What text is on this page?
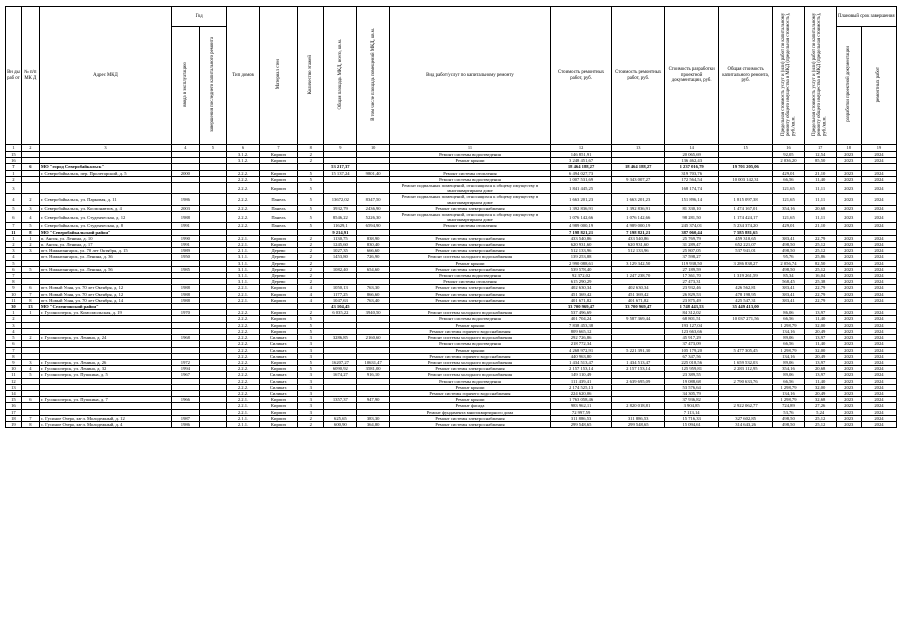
Вн ды раб от	№ п/п МК Д	Адрес МКД	Год		Тип домов	Материал стен	Количество этажей	Общая площадь МКД, всего, кв.м.	В том числе площадь помещений МКД, кв.м.	Вид работ/услуг по капитальному ремонту	Стоимость ремонтных работ, руб.	Стоимость ремонтных работ, руб.	Стоимость разработки проектной документации, руб.	Общая стоимость капитального ремонта, руб.	Предельная стоимость услуг и (или) работ по капитальному ремонту общего имущества в МКД (предельная стоимость), руб./кв.м.	Предельная стоимость услуг и (или) работ по капитальному ремонту общего имущества в МКД (предельная стоимость), руб./кв.м.	Плановый срок завершения	
			ввода в эксплуатацию	завершения последнего капитального ремонта													разработки проектной документации	ремонтных работ
1	2	3	4	5	6	7	8	9	10	11	12	13	14	15	16	17	18	19
15					3.1.2.	Кирпич	2			Ремонт системы водоотведения	146 851,91		20 065,69		92,05	12,54	2023	2024
16					3.1.2.	Кирпич	2			Ремонт крыши	3 248 451,67		136 462,43		2 036,20	85,50	2023	2024
7	6	МО "город Северобайкальск"						53 217,37			18 464 188,27	18 464 188,27	1 237 016,79	19 701 205,06				
1		г. Северобайкальск, пер. Пролетарский, д. 5	2000		2.2.2.	Кирпич	5	15 137,24	9801,40	Ремонт системы отопления	6 494 027,73		319 703,76		429,01	21,10	2023	2024
2					2.2.2.	Кирпич	5			Ремонт системы водоотведения	1 007 531,69	9 343 007,27	172 564,54	10 003 142,31	66,56	11,40	2023	2024
3					2.2.2.	Кирпич	5			Ремонт подвальных помещений, относящихся к общему имуществу в многоквартирном доме	1 841 445,25		168 174,74		121,65	11,11	2023	2024
4	2	г. Северобайкальск, ул. Парковая, д. 11	1986		2.2.2.	Панель	5	13672,02	8347,50	Ремонт подвальных помещений, относящихся к общему имуществу в многоквартирном доме	1 663 201,23	1 663 201,23	151 896,14	1 815 097,38	121,65	11,11	2023	2024
5	3	г. Северобайкальск, ул. Космонавтов, д. 4	2003		2.2.2.	Панель	5	3932,79	2436,90	Ремонт системы электроснабжения	1 392 836,91	1 392 836,91	81 330,10	1 474 167,01	354,16	20,68	2023	2024
6	4	г. Северобайкальск, ул. Студенческая, д. 12	1988		2.2.2.	Панель	5	8546,22	5226,30	Ремонт подвальных помещений, относящихся к общему имуществу в многоквартирном доме	1 076 142,66	1 076 142,66	98 281,50	1 174 424,17	121,65	11,11	2023	2024
7	5	г. Северобайкальск, ул. Студенческая, д. 8	1991		2.2.2.	Панель	5	11629,1	6594,90	Ремонт системы отопления	4 989 000,19	4 989 000,19	245 374,01	5 234 374,20	429,01	21,10	2023	2024
11	8	МО "Северобайкальский район"						9 214,91			7 198 821,21	7 198 821,21	387 060,44	7 585 881,65				
1	1	п. Ангоя, ул. Ленина, д. 10	1990		2.2.1.	Кирпич	2	1130,75	838,90	Ремонт системы электроснабжения	433 540,86	433 540,86	25 769,79	459 310,65	383,41	22,79	2023	2024
2	2	п. Ангоя, ул. Ленина, д. 17	1991		2.2.1.	Кирпич	2	1245,60	830,40	Ремонт системы электроснабжения	620 931,60	620 931,60	31 289,47	652 221,07	498,50	25,12	2023	2024
3	3	пгт. Нижнеангарск, ул. 70 лет Октября, д. 15	1989		2.1.1.	Дерево	2	1027,35	666,60	Ремонт системы электроснабжения	512 133,96	512 133,96	25 807,05	537 941,01	498,50	25,12	2023	2024
4		пгт. Нижнеангарск, ул. Ленина, д. 36	1950		3.1.1.	Дерево	2	1453,80	726,90	Ремонт системы холодного водоснабжения	139 253,88		37 598,27		95,76	25,86	2023	2024
5					3.1.1.	Дерево	2			Ремонт крыши	2 990 088,61	3 129 342,50	119 938,50	3 286 838,27	2 056,74	82,50	2023	2024
6	5	пгт. Нижнеангарск, ул. Ленина, д. 56	1985		3.1.1.	Дерево	2	1082,40	654,60	Ремонт системы электроснабжения	539 578,40		27 189,59		498,50	25,12	2023	2024
7					3.1.1.	Дерево	2			Ремонт системы водоотведения	92 372,02	1 247 238,70	17 361,70	1 319 261,59	85,34	16,04	2023	2024
8					3.1.1.	Дерево	2			Ремонт системы отопления	615 290,29		27 473,31		568,45	25,38	2023	2024
9	6	пгт. Новый Уоян, ул. 70 лет Октября, д. 12	1988		2.2.1.	Кирпич	4	1050,13	763,30	Ремонт системы электроснабжения	402 630,34	402 630,34	23 932,46	426 562,81	383,41	22,79	2023	2024
10	7	пгт. Новый Уоян, ул. 70 лет Октября, д. 12	1988		2.2.1.	Кирпич	4	1177,25	866,60	Ремонт системы электроснабжения	451 369,42	451 369,42	26 829,53	478 198,95	383,41	22,79	2023	2024
11	8	пгт. Новый Уоян, ул. 70 лет Октября, д. 14	1988		2.2.1.	Кирпич	4	1047,63	763,40	Ремонт системы электроснабжения	401 671,82	401 671,82	23 875,49	425 547,31	383,41	22,79	2023	2024
30	13	МО "Селенгинский район"						43 104,45			33 700 969,47	33 700 969,47	1 748 443,53	35 449 413,00				
1	1	г. Гусиноозерск, ул. Комсомольская, д. 19	1970		2.2.2.	Кирпич	2	6 035,22	3940,50	Ремонт системы холодного водоснабжения	537 496,69		84 312,02		86,06	13,97	2023	2024
2					2.2.2.	Кирпич	5			Ремонт системы водоотведения	401 704,24	9 587 369,44	68 801,51	10 037 271,56	66,56	11,40	2023	2024
3					2.2.2.	Кирпич	5			Ремонт крыши	7 838 453,38		193 127,04		1 298,79	32,00	2023	2024
4					2.2.2.	Кирпич	5			Ремонт системы горячего водоснабжения	809 665,12		123 663,66		134,16	20,49	2023	2024
5	2	г. Гусиноозерск, ул. Ленина, д. 24	1968		2.2.2.	Силикат.	3	3286,85	2160,60	Ремонт системы холодного водоснабжения	292 726,86		45 917,29		89,06	13,97	2023	2024
6					2.2.2.	Силикат.	3			Ремонт системы водоотведения	218 772,34		37 473,09		66,56	11,40	2023	2024
7					2.2.2.	Силикат.	3			Ремонт крыши	4 268 972,91	5 221 391,30	105 179,20	5 477 305,45	1 298,79	32,00	2023	2024
8					2.2.2.	Силикат.	3			Ремонт системы горячего водоснабжения	440 963,80		67 347,56		134,16	20,49	2023	2024
9	3	г. Гусиноозерск, ул. Ленина, д. 26	1972		2.2.2.	Кирпич	5	16207,27	10631,47	Ремонт системы холодного водоснабжения	1 434 513,47	1 434 513,47	225 018,56	1 659 532,03	89,06	13,97	2023	2024
10	4	г. Гусиноозерск, ул. Ленина, д. 32	1994		2.2.2.	Кирпич	5	6090,92	3581,00	Ремонт системы электроснабжения	2 157 153,14	2 157 153,14	125 959,81	2 283 112,95	354,16	20,68	2023	2024
11	5	г. Гусиноозерск, ул. Пушкина, д. 5	1967		2.2.2.	Силикат.	3	1674,27	916,10	Ремонт системы холодного водоснабжения	149 110,49		23 389,55		89,06	13,97	2023	2024
12					2.2.2.	Силикат.	3			Ремонт системы водоотведения	111 439,41	2 639 695,09	19 088,68	2 790 633,76	66,56	11,40	2023	2024
13					2.2.2.	Силикат.	3			Ремонт крыши	2 174 525,13		53 576,64		1 298,79	32,00	2023	2024
14					2.2.2.	Силикат.	3			Ремонт системы горячего водоснабжения	224 620,06		34 305,79		134,16	20,49	2023	2024
15	6	г. Гусиноозерск, ул. Пушкина, д. 7	1966		2.2.1.	Кирпич	3	1357,37	947,90	Ремонт крыши	1 763 058,46		37 936,82		1 298,79	32,68	2023	2024
16					2.2.1.	Кирпич	3			Ремонт фасада	983 962,11	2 820 018,81	3 904,85	2 922 062,77	724,89	27,26	2023	2024
17					2.2.1.	Кирпич	3			Ремонт фундамента многоквартирного дома	72 997,59		7 113,14		53,76	5,24	2023	2024
18	7	с. Гусиное Озеро, кв-л. Молодежный, д. 12	1987		2.1.1.	Кирпич	2	625,65	383,30	Ремонт системы электроснабжения	311 886,53	311 886,53	15 716,33	327 602,85	498,50	25,12	2023	2024
19	8	с. Гусиное Озеро, кв-л. Молодежный, д. 4	1986		2.1.1.	Кирпич	2	600,90	364,80	Ремонт системы электроснабжения	299 548,65	299 548,65	15 094,61	314 643,26	498,50	25,12	2023	2024
